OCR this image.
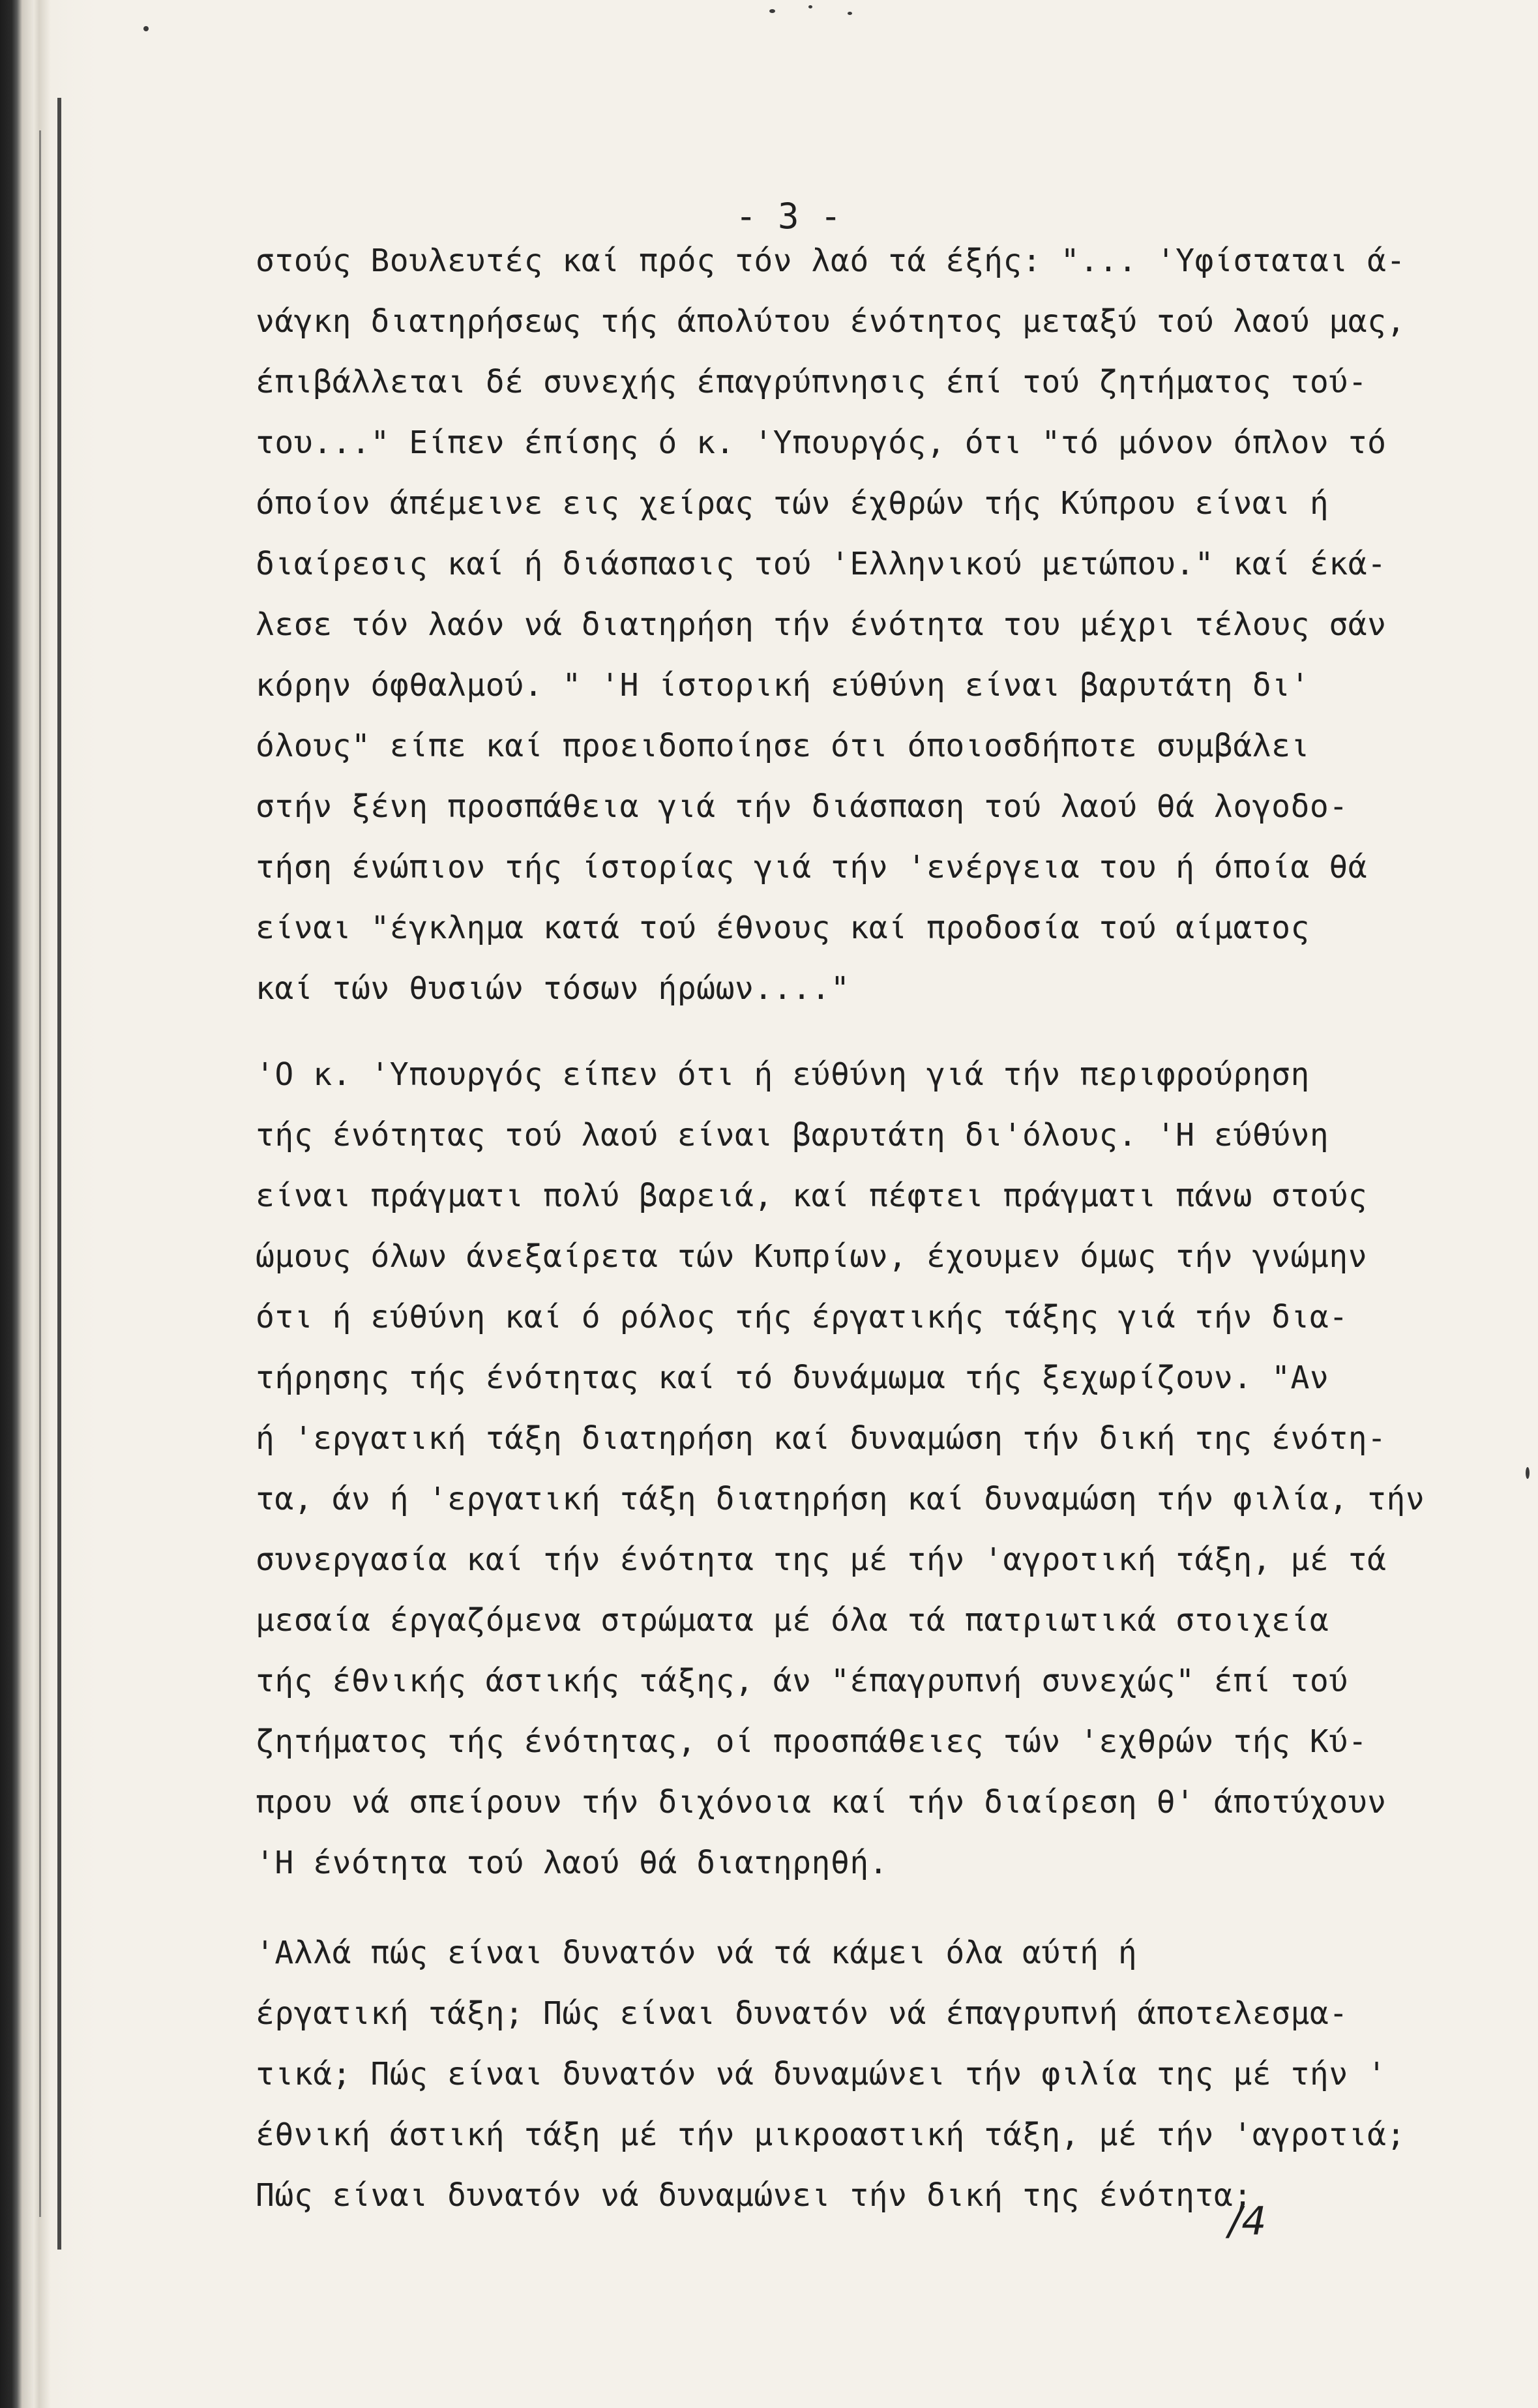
- 3 -
στούς Βουλευτές καί πρός τόν λαό τά έξής: "... 'Υφίσταται ά-
νάγκη διατηρήσεως τής άπολύτου ένότητος μεταξύ τού λαού μας,
έπιβάλλεται δέ συνεχής έπαγρύπνησις έπί τού ζητήματος τού-
του..." Είπεν έπίσης ό κ. 'Υπουργός, ότι "τό μόνον όπλον τό
όποίον άπέμεινε εις χείρας τών έχθρών τής Κύπρου είναι ή
διαίρεσις καί ή διάσπασις τού 'Ελληνικού μετώπου." καί έκά-
λεσε τόν λαόν νά διατηρήση τήν ένότητα του μέχρι τέλους σάν
κόρην όφθαλμού. " 'Η ίστορική εύθύνη είναι βαρυτάτη δι'
όλους" είπε καί προειδοποίησε ότι όποιοσδήποτε συμβάλει
στήν ξένη προσπάθεια γιά τήν διάσπαση τού λαού θά λογοδο-
τήση ένώπιον τής ίστορίας γιά τήν 'ενέργεια του ή όποία θά
είναι "έγκλημα κατά τού έθνους καί προδοσία τού αίματος
καί τών θυσιών τόσων ήρώων...."
'Ο κ. 'Υπουργός είπεν ότι ή εύθύνη γιά τήν περιφρούρηση
τής ένότητας τού λαού είναι βαρυτάτη δι'όλους. 'Η εύθύνη
είναι πράγματι πολύ βαρειά, καί πέφτει πράγματι πάνω στούς
ώμους όλων άνεξαίρετα τών Κυπρίων, έχουμεν όμως τήν γνώμην
ότι ή εύθύνη καί ό ρόλος τής έργατικής τάξης γιά τήν δια-
τήρησης τής ένότητας καί τό δυνάμωμα τής ξεχωρίζουν. "Αν
ή 'εργατική τάξη διατηρήση καί δυναμώση τήν δική της ένότη-
τα, άν ή 'εργατική τάξη διατηρήση καί δυναμώση τήν φιλία, τήν
συνεργασία καί τήν ένότητα της μέ τήν 'αγροτική τάξη, μέ τά
μεσαία έργαζόμενα στρώματα μέ όλα τά πατριωτικά στοιχεία
τής έθνικής άστικής τάξης, άν "έπαγρυπνή συνεχώς" έπί τού
ζητήματος τής ένότητας, οί προσπάθειες τών 'εχθρών τής Κύ-
πρου νά σπείρουν τήν διχόνοια καί τήν διαίρεση θ' άποτύχουν
'Η ένότητα τού λαού θά διατηρηθή.
'Αλλά πώς είναι δυνατόν νά τά κάμει όλα αύτή ή
έργατική τάξη; Πώς είναι δυνατόν νά έπαγρυπνή άποτελεσμα-
τικά; Πώς είναι δυνατόν νά δυναμώνει τήν φιλία της μέ τήν '
έθνική άστική τάξη μέ τήν μικροαστική τάξη, μέ τήν 'αγροτιά;
Πώς είναι δυνατόν νά δυναμώνει τήν δική της ένότητα;
/4
